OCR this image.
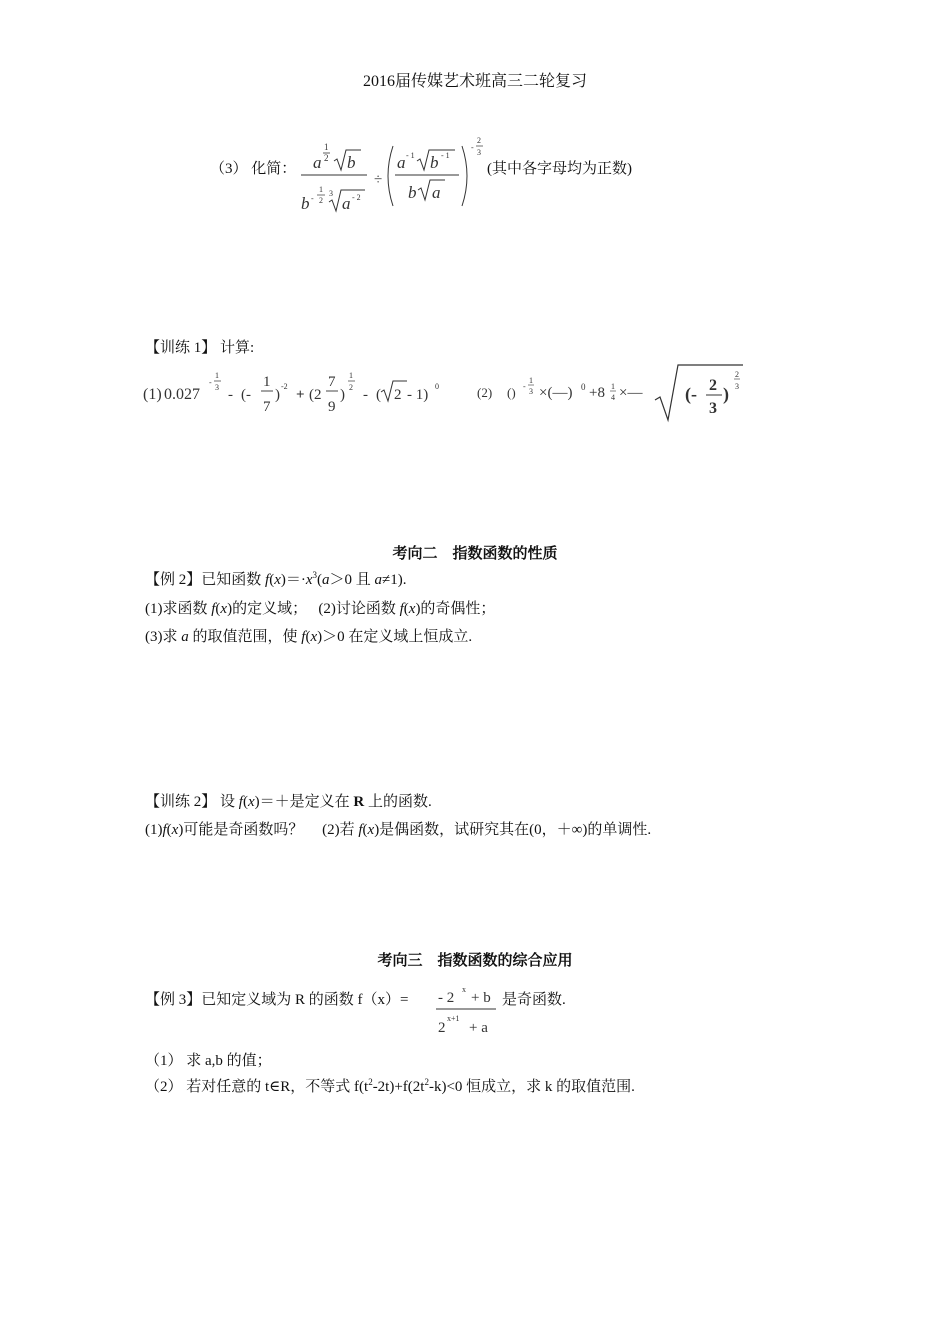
2016届传媒艺术班高三二轮复习
（3） 化简： a
1
2 b
b -
1
2
3
a - 2
÷
a - 1 b - 1
b a
-
2
3
(其中各字母均为正数)
【训练 1】 计算:
(1) 0.027
-
1
3 - (-
1
7
)
-2
+ (2
7
9
)
1
2 - ( 2 - 1)
0	(2) () -
1
3 ×(—) 0 +8 1
4 ×— (- 2
3
)
2
3
考向二　指数函数的性质
【例 2】已知函数 $f(x)=\cdot x^3(a>0$ 且 a≠1).
(1)求函数 f(x)的定义域；　 (2)讨论函数 f(x)的奇偶性；
(3)求 a 的取值范围，使 f(x)＞0 在定义域上恒成立.
【训练 2】 设 f(x)＝＋是定义在 R 上的函数.
(1)f(x)可能是奇函数吗？　 (2)若 f(x)是偶函数，试研究其在(0，＋∞)的单调性.
考向三　指数函数的综合应用
【例 3】已知定义域为 R 的函数 f（x）= - 2
x
+ b
2
x+1
+ a
是奇函数.
（1） 求 a,b 的值；
（2） 若对任意的 t∈R，不等式 $f(t^2-2t)+f(2t^2-k)<0$ 恒成立，求 k 的取值范围.
